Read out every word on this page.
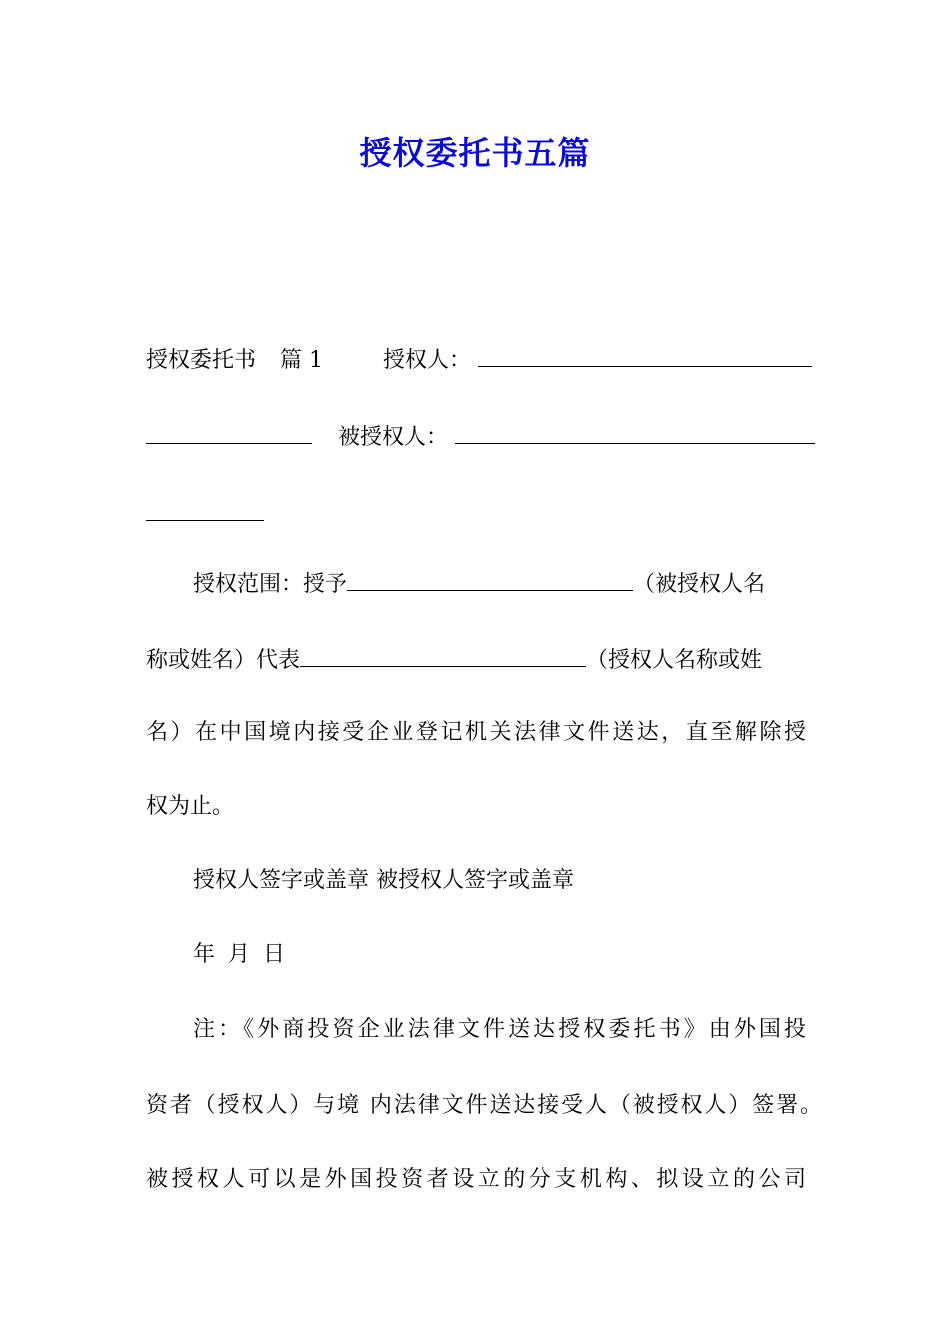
授权委托书五篇
授权委托书 篇 1	授权人：
被授权人：
授权范围：授予	（被授权人名
称或姓名）代表	（授权人名称或姓
名）在中国境内接受企业登记机关法律文件送达，直至解除授
权为止。
授权人签字或盖章 被授权人签字或盖章
年 月 日
注：《外商投资企业法律文件送达授权委托书》由外国投
资者（授权人）与境 内法律文件送达接受人（被授权人）签署。
被授权人可以是外国投资者设立的分支机构、拟设立的公司
